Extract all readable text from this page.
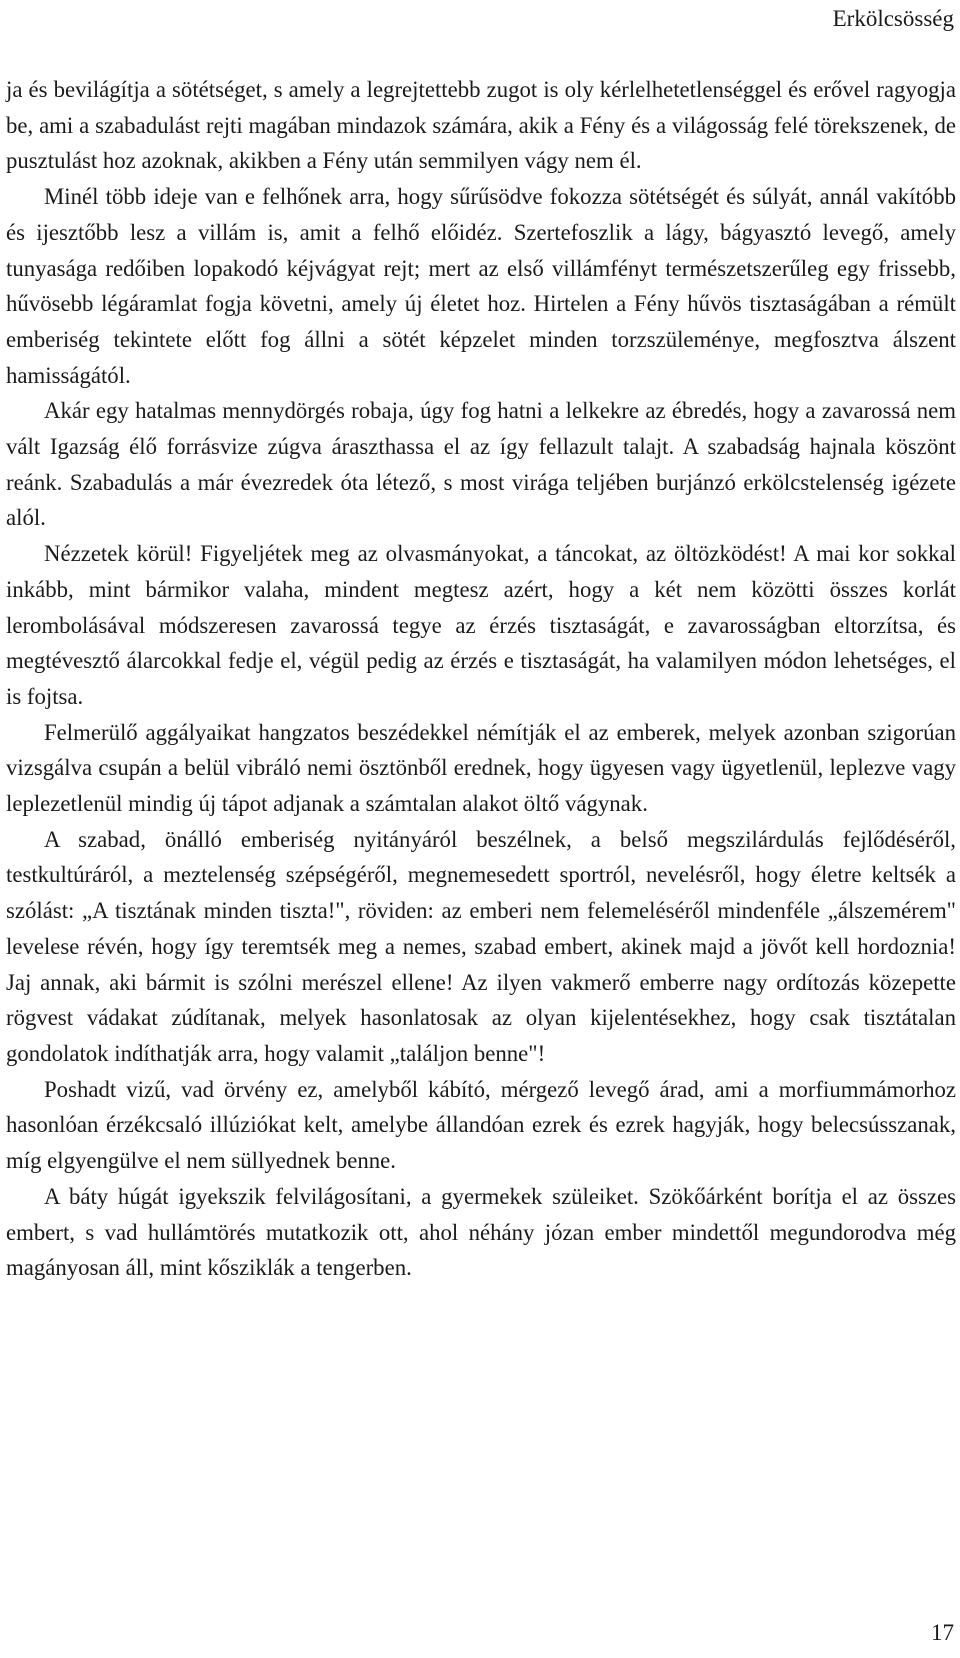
Erkölcsösség

ja és bevilágítja a sötétséget, s amely a legrejtettebb zugot is oly kérlelhetetlenséggel és erővel ragyogja be, ami a szabadulást rejti magában mindazok számára, akik a Fény és a világosság felé törekszenek, de pusztulást hoz azoknak, akikben a Fény után semmilyen vágy nem él.

Minél több ideje van e felhőnek arra, hogy sűrűsödve fokozza sötétségét és súlyát, annál vakítóbb és ijesztőbb lesz a villám is, amit a felhő előidéz. Szertefoszlik a lágy, bágyasztó levegő, amely tunyasága redőiben lopakodó kéjvágyat rejt; mert az első villámfényt természetszerűleg egy frissebb, hűvösebb légáramlat fogja követni, amely új életet hoz. Hirtelen a Fény hűvös tisztaságában a rémült emberiség tekintete előtt fog állni a sötét képzelet minden torzszüleménye, megfosztva álszent hamisságától.

Akár egy hatalmas mennydörgés robaja, úgy fog hatni a lelkekre az ébredés, hogy a zavarossá nem vált Igazság élő forrásvize zúgva áraszthassa el az így fellazult talajt. A szabadság hajnala köszönt reánk. Szabadulás a már évezredek óta létező, s most virága teljében burjánzó erkölcstelenség igézete alól.

Nézzetek körül! Figyeljétek meg az olvasmányokat, a táncokat, az öltözködést! A mai kor sokkal inkább, mint bármikor valaha, mindent megtesz azért, hogy a két nem közötti összes korlát lerombolásával módszeresen zavarossá tegye az érzés tisztaságát, e zavarosságban eltorzítsa, és megtévesztő álarcokkal fedje el, végül pedig az érzés e tisztaságát, ha valamilyen módon lehetséges, el is fojtsa.

Felmerülő aggályaikat hangzatos beszédekkel némítják el az emberek, melyek azonban szigorúan vizsgálva csupán a belül vibráló nemi ösztönből erednek, hogy ügyesen vagy ügyetlenül, leplezve vagy leplezetlenül mindig új tápot adjanak a számtalan alakot öltő vágynak.

A szabad, önálló emberiség nyitányáról beszélnek, a belső megszilárdulás fejlődéséről, testkultúráról, a meztelenség szépségéről, megnemesedett sportról, nevelésről, hogy életre keltsék a szólást: „A tisztának minden tiszta!", röviden: az emberi nem felemeléséről mindenféle „álszemérem" levelese révén, hogy így teremtsék meg a nemes, szabad embert, akinek majd a jövőt kell hordoznia! Jaj annak, aki bármit is szólni merészel ellene! Az ilyen vakmerő emberre nagy ordítozás közepette rögvest vádakat zúdítanak, melyek hasonlatosak az olyan kijelentésekhez, hogy csak tisztátalan gondolatok indíthatják arra, hogy valamit „találjon benne"!

Poshadt vizű, vad örvény ez, amelyből kábító, mérgező levegő árad, ami a morfiummámorhoz hasonlóan érzékcsaló illúziókat kelt, amelybe állandóan ezrek és ezrek hagyják, hogy belecsússzanak, míg elgyengülve el nem süllyednek benne.

A báty húgát igyekszik felvilágosítani, a gyermekek szüleiket. Szökőárként borítja el az összes embert, s vad hullámtörés mutatkozik ott, ahol néhány józan ember mindettől megundorodva még magányosan áll, mint kősziklák a tengerben.

17
